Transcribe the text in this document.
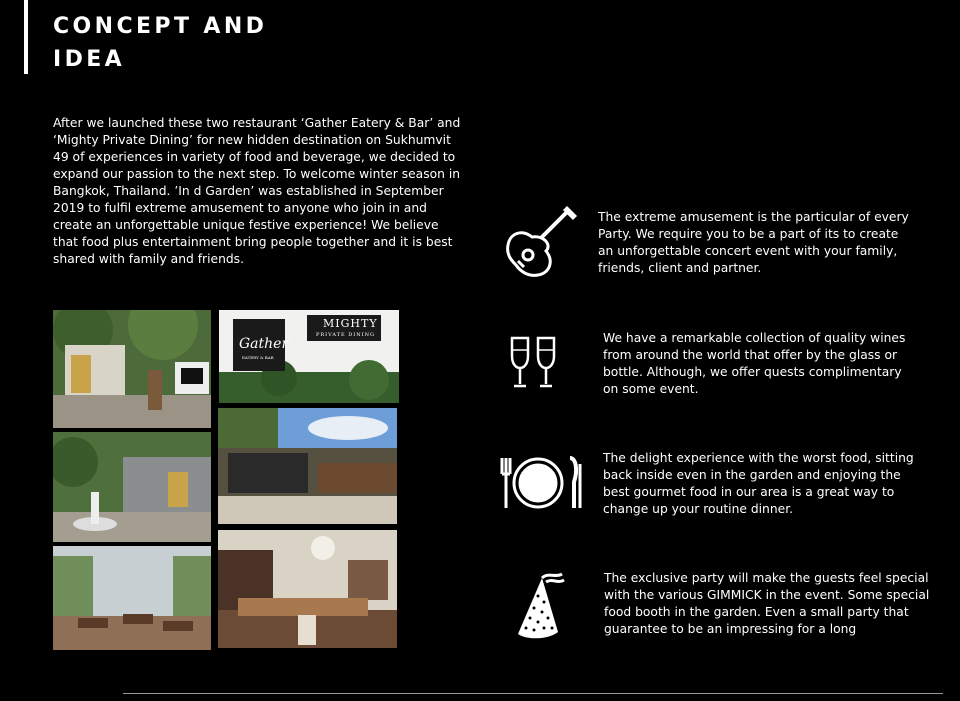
CONCEPT AND
IDEA
After we launched these two restaurant ‘Gather Eatery & Bar’ and ‘Mighty Private Dining’ for new hidden destination on Sukhumvit 49 of experiences in variety of food and beverage, we decided to expand our passion to the next step. To welcome winter season in Bangkok, Thailand. ’In d Garden’ was established in September 2019 to fulfil extreme amusement to anyone who join in and create an unforgettable unique festive experience! We believe that food plus entertainment bring people together and it is best shared with family and friends.
Gather
EATERY & BAR
MIGHTY
PRIVATE DINING
The extreme amusement is the particular of every Party. We require you to be a part of its to create an unforgettable concert event with your family, friends, client and partner.
We have a remarkable collection of quality wines from around the world that offer by the glass or bottle. Although, we offer quests complimentary on some event.
The delight experience with the worst food, sitting back inside even in the garden and enjoying the best gourmet food in our area is a great way to change up your routine dinner.
The exclusive party will make the guests feel special with the various GIMMICK in the event. Some special food booth in the garden. Even a small party that guarantee to be an impressing for a long
